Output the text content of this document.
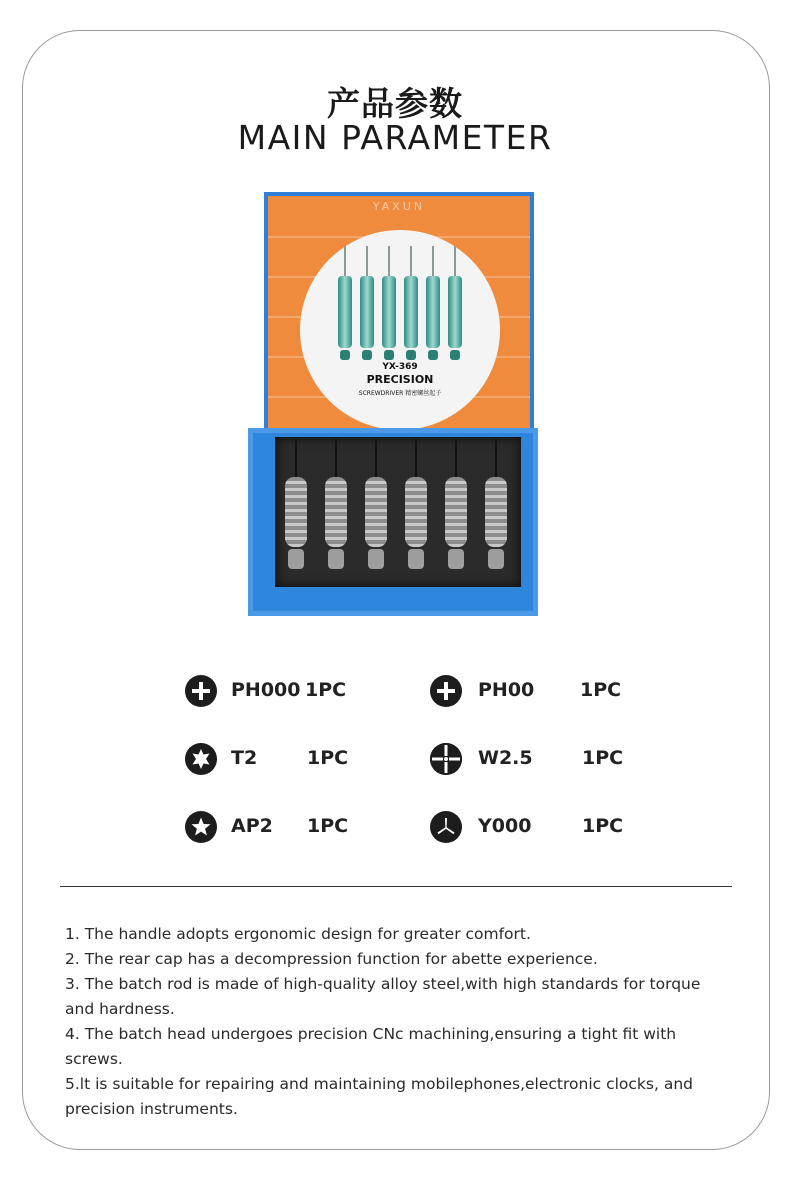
产品参数
MAIN PARAMETER
YAXUN
YX-369
PRECISION
SCREWDRIVER 精密螺丝起子
PH000 1PC	PH00 1PC
T2	1PC	W2.5	1PC
AP2 1PC	Y000	1PC

1. The handle adopts ergonomic design for greater comfort.

2. The rear cap has a decompression function for abette experience.

3. The batch rod is made of high-quality alloy steel,with high standards for torque and hardness.

4. The batch head undergoes precision CNc machining,ensuring a tight fit with screws.

5.lt is suitable for repairing and maintaining mobilephones,electronic clocks, and precision instruments.
